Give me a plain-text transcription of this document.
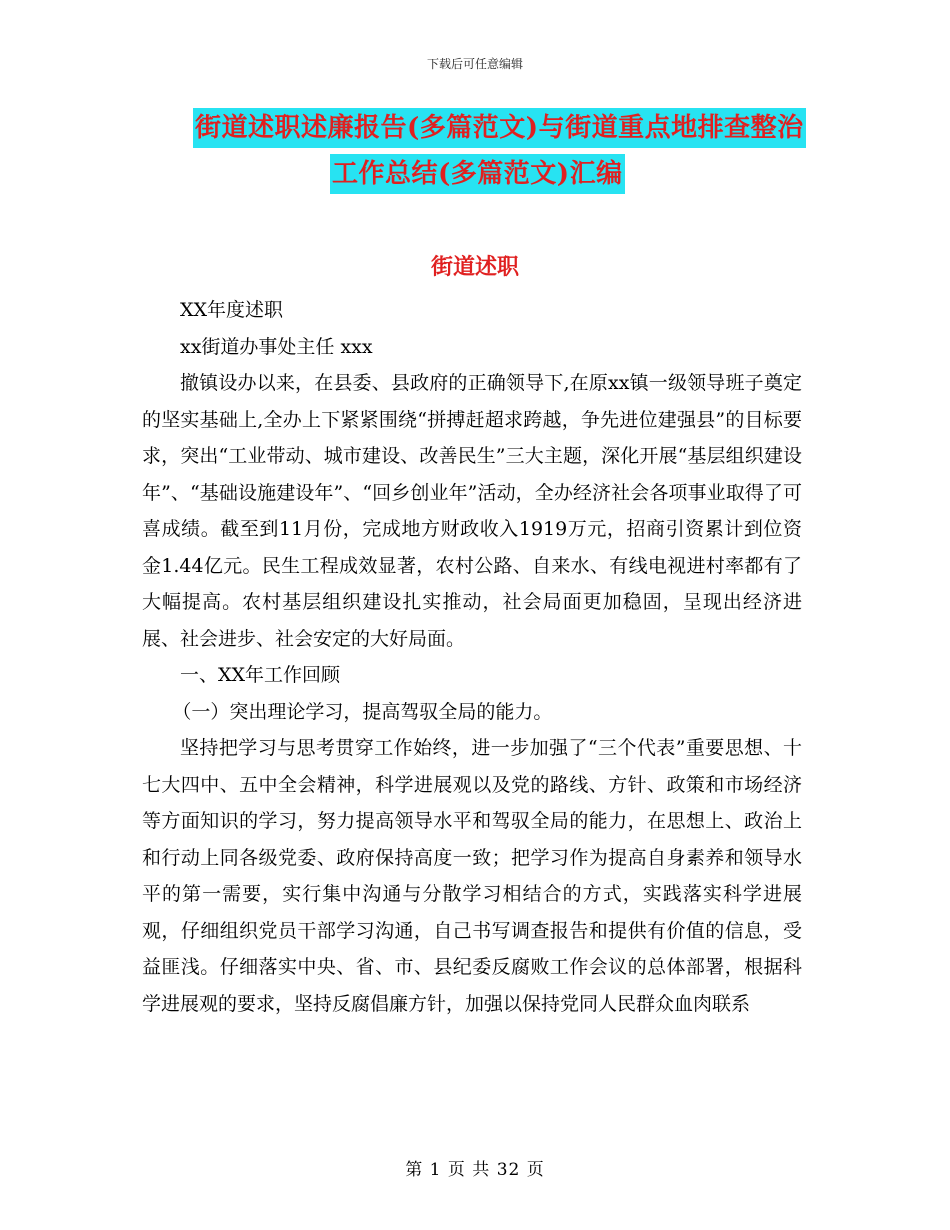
下载后可任意编辑
街道述职述廉报告(多篇范文)与街道重点地排查整治
工作总结(多篇范文)汇编
街道述职

XX年度述职

xx街道办事处主任 xxx

撤镇设办以来，在县委、县政府的正确领导下,在原xx镇一级领导班子奠定的坚实基础上,全办上下紧紧围绕“拼搏赶超求跨越，争先进位建强县”的目标要求，突出“工业带动、城市建设、改善民生”三大主题，深化开展“基层组织建设年”、“基础设施建设年”、“回乡创业年”活动，全办经济社会各项事业取得了可喜成绩。截至到11月份，完成地方财政收入1919万元，招商引资累计到位资金1.44亿元。民生工程成效显著，农村公路、自来水、有线电视进村率都有了大幅提高。农村基层组织建设扎实推动，社会局面更加稳固，呈现出经济进展、社会进步、社会安定的大好局面。

一、XX年工作回顾

（一）突出理论学习，提高驾驭全局的能力。

坚持把学习与思考贯穿工作始终，进一步加强了“三个代表”重要思想、十七大四中、五中全会精神，科学进展观以及党的路线、方针、政策和市场经济等方面知识的学习，努力提高领导水平和驾驭全局的能力，在思想上、政治上和行动上同各级党委、政府保持高度一致；把学习作为提高自身素养和领导水平的第一需要，实行集中沟通与分散学习相结合的方式，实践落实科学进展观，仔细组织党员干部学习沟通，自己书写调查报告和提供有价值的信息，受益匪浅。仔细落实中央、省、市、县纪委反腐败工作会议的总体部署，根据科学进展观的要求，坚持反腐倡廉方针，加强以保持党同人民群众血肉联系

第 1 页 共 32 页
